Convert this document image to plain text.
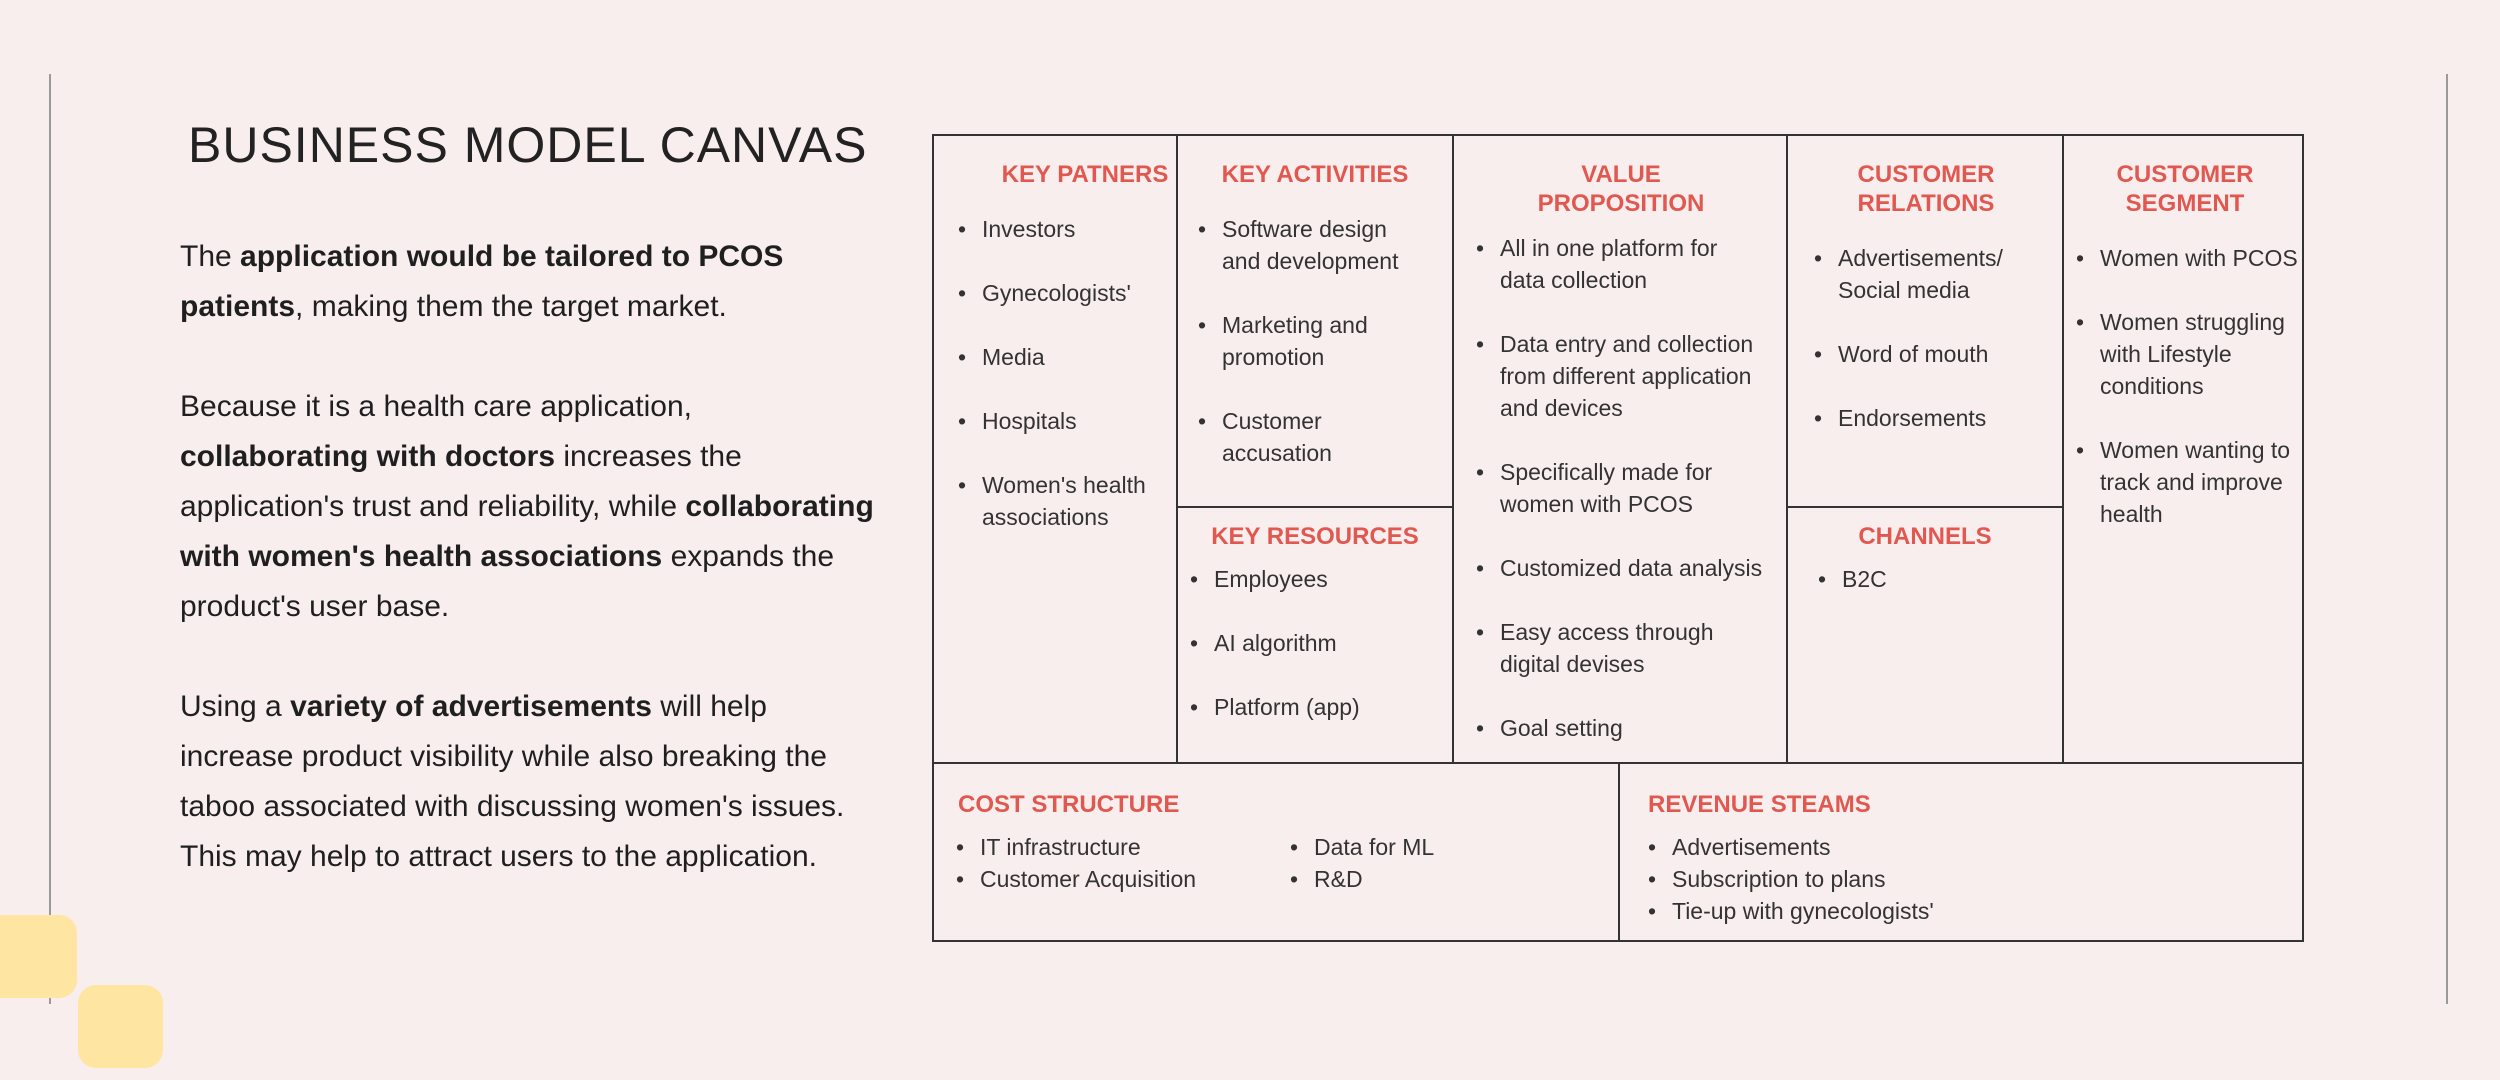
BUSINESS MODEL CANVAS

The application would be tailored to PCOS patients, making them the target market.

Because it is a health care application, collaborating with doctors increases the application's trust and reliability, while collaborating with women's health associations expands the product's user base.

Using a variety of advertisements will help increase product visibility while also breaking the taboo associated with discussing women's issues. This may help to attract users to the application.

KEY PATNERS
• Investors
• Gynecologists'
• Media
• Hospitals
• Women's health associations
KEY ACTIVITIES
• Software design and development
• Marketing and promotion
• Customer accusation
KEY RESOURCES
• Employees
• AI algorithm
• Platform (app)
VALUE PROPOSITION
• All in one platform for data collection
• Data entry and collection from different application and devices
• Specifically made for women with PCOS
• Customized data analysis
• Easy access through digital devises
• Goal setting
CUSTOMER RELATIONS
• Advertisements/ Social media
• Word of mouth
• Endorsements
CHANNELS
• B2C
CUSTOMER SEGMENT
• Women with PCOS
• Women struggling with Lifestyle conditions
• Women wanting to track and improve health
COST STRUCTURE
• IT infrastructure
• Customer Acquisition
• Data for ML
• R&D
REVENUE STEAMS
• Advertisements
• Subscription to plans
• Tie-up with gynecologists'
